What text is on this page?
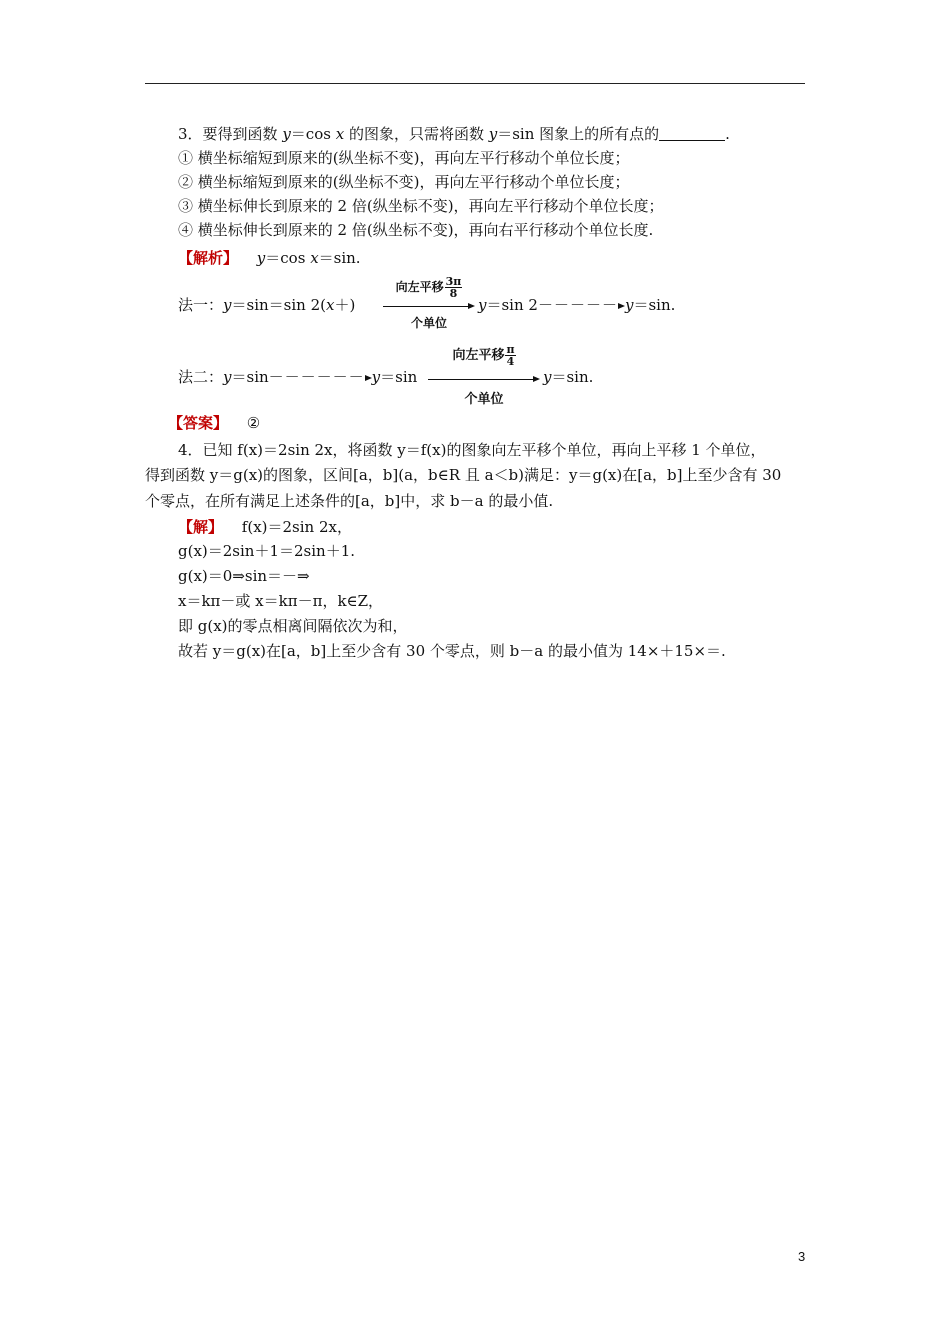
3．要得到函数 y＝cos x 的图象，只需将函数 y＝sin 图象上的所有点的	.
① 横坐标缩短到原来的(纵坐标不变)，再向左平行移动个单位长度；
② 横坐标缩短到原来的(纵坐标不变)，再向左平行移动个单位长度；
③ 横坐标伸长到原来的 2 倍(纵坐标不变)，再向左平行移动个单位长度；
④ 横坐标伸长到原来的 2 倍(纵坐标不变)，再向右平行移动个单位长度.
【解析】 y＝cos x＝sin.
法一：y＝sin＝sin 2(x＋)
向左平移 $\frac{3\pi}{8}$
个单位
y＝sin 2－－－－－ y＝sin.
法二：y＝sin－－－－－－ y＝sin
向左平移 $\frac{\pi}{4}$
个单位
y＝sin.
【答案】 ②
4．已知 f(x)＝2sin 2x，将函数 y＝f(x)的图象向左平移个单位，再向上平移 1 个单位，
得到函数 y＝g(x)的图象，区间[a，b](a，b∈R 且 a＜b)满足：y＝g(x)在[a，b]上至少含有 30
个零点，在所有满足上述条件的[a，b]中，求 b－a 的最小值.
【解】 f(x)＝2sin 2x，
g(x)＝2sin＋1＝2sin＋1.
g(x)＝0⇒sin＝－⇒
x＝kπ－或 x＝kπ－π，k∈Z，
即 g(x)的零点相离间隔依次为和，
故若 y＝g(x)在[a，b]上至少含有 30 个零点，则 b－a 的最小值为 14×＋15×＝.
3
